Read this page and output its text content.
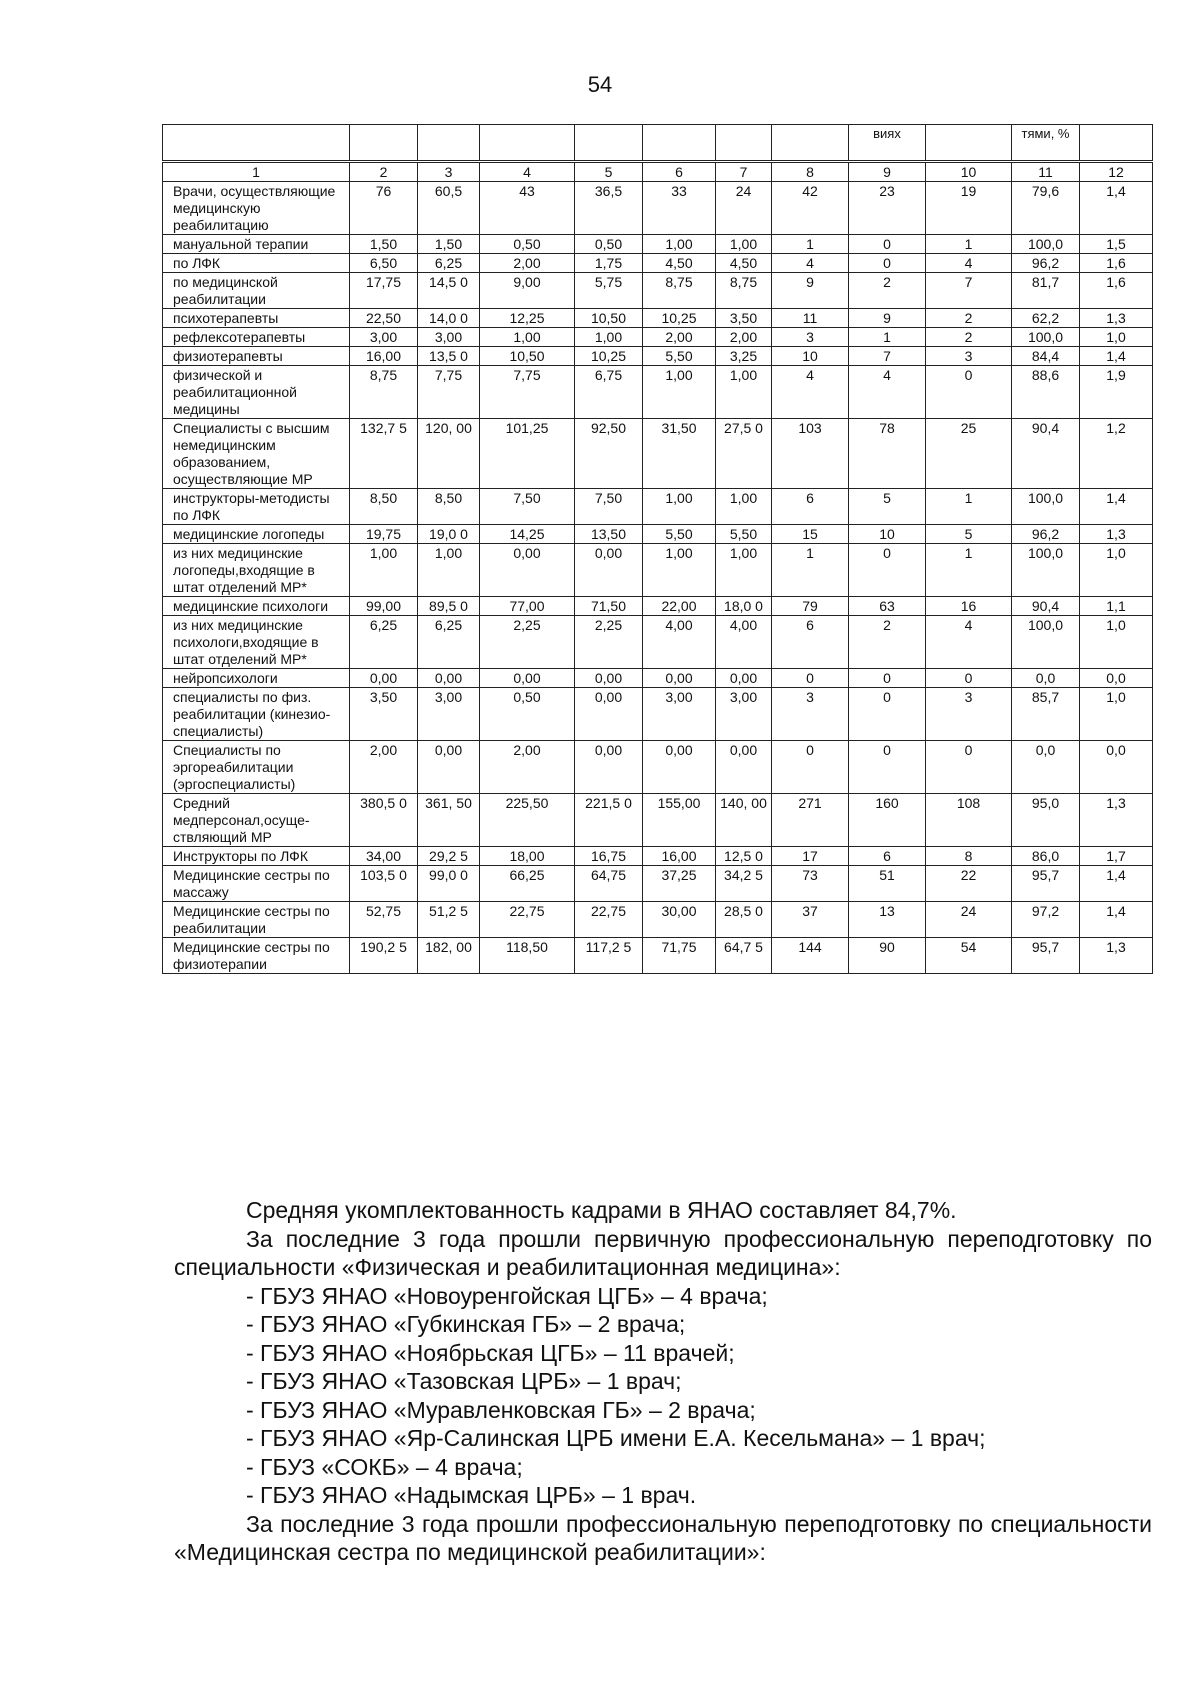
54
								виях		тями, %	
1	2	3	4	5	6	7	8	9	10	11	12
Врачи, осуществляющие медицинскую реабилитацию	76	60,5	43	36,5	33	24	42	23	19	79,6	1,4
мануальной терапии	1,50	1,50	0,50	0,50	1,00	1,00	1	0	1	100,0	1,5
по ЛФК	6,50	6,25	2,00	1,75	4,50	4,50	4	0	4	96,2	1,6
по медицинской реабилитации	17,75	14,5 0	9,00	5,75	8,75	8,75	9	2	7	81,7	1,6
психотерапевты	22,50	14,0 0	12,25	10,50	10,25	3,50	11	9	2	62,2	1,3
рефлексотерапевты	3,00	3,00	1,00	1,00	2,00	2,00	3	1	2	100,0	1,0
физиотерапевты	16,00	13,5 0	10,50	10,25	5,50	3,25	10	7	3	84,4	1,4
физической и реабилитационной медицины	8,75	7,75	7,75	6,75	1,00	1,00	4	4	0	88,6	1,9
Специалисты с высшим немедицинским образованием, осуществляющие МР	132,7 5	120, 00	101,25	92,50	31,50	27,5 0	103	78	25	90,4	1,2
инструкторы-методисты по ЛФК	8,50	8,50	7,50	7,50	1,00	1,00	6	5	1	100,0	1,4
медицинские логопеды	19,75	19,0 0	14,25	13,50	5,50	5,50	15	10	5	96,2	1,3
из них медицинские логопеды,входящие в штат отделений МР*	1,00	1,00	0,00	0,00	1,00	1,00	1	0	1	100,0	1,0
медицинские психологи	99,00	89,5 0	77,00	71,50	22,00	18,0 0	79	63	16	90,4	1,1
из них медицинские психологи,входящие в штат отделений МР*	6,25	6,25	2,25	2,25	4,00	4,00	6	2	4	100,0	1,0
нейропсихологи	0,00	0,00	0,00	0,00	0,00	0,00	0	0	0	0,0	0,0
специалисты по физ. реабилитации (кинезио-специалисты)	3,50	3,00	0,50	0,00	3,00	3,00	3	0	3	85,7	1,0
Специалисты по эргореабилитации (эргоспециалисты)	2,00	0,00	2,00	0,00	0,00	0,00	0	0	0	0,0	0,0
Средний медперсонал,осуще-ствляющий МР	380,5 0	361, 50	225,50	221,5 0	155,00	140, 00	271	160	108	95,0	1,3
Инструкторы по ЛФК	34,00	29,2 5	18,00	16,75	16,00	12,5 0	17	6	8	86,0	1,7
Медицинские сестры по массажу	103,5 0	99,0 0	66,25	64,75	37,25	34,2 5	73	51	22	95,7	1,4
Медицинские сестры по реабилитации	52,75	51,2 5	22,75	22,75	30,00	28,5 0	37	13	24	97,2	1,4
Медицинские сестры по физиотерапии	190,2 5	182, 00	118,50	117,2 5	71,75	64,7 5	144	90	54	95,7	1,3

Средняя укомплектованность кадрами в ЯНАО составляет 84,7%.

За последние 3 года прошли первичную профессиональную переподготовку по специальности «Физическая и реабилитационная медицина»:

- ГБУЗ ЯНАО «Новоуренгойская ЦГБ» – 4 врача;

- ГБУЗ ЯНАО «Губкинская ГБ» – 2 врача;

- ГБУЗ ЯНАО «Ноябрьская ЦГБ» – 11 врачей;

- ГБУЗ ЯНАО «Тазовская ЦРБ» – 1 врач;

- ГБУЗ ЯНАО «Муравленковская ГБ» – 2 врача;

- ГБУЗ ЯНАО «Яр-Салинская ЦРБ имени Е.А. Кесельмана» – 1 врач;

- ГБУЗ «СОКБ» – 4 врача;

- ГБУЗ ЯНАО «Надымская ЦРБ» – 1 врач.

За последние 3 года прошли профессиональную переподготовку по специальности «Медицинская сестра по медицинской реабилитации»:
